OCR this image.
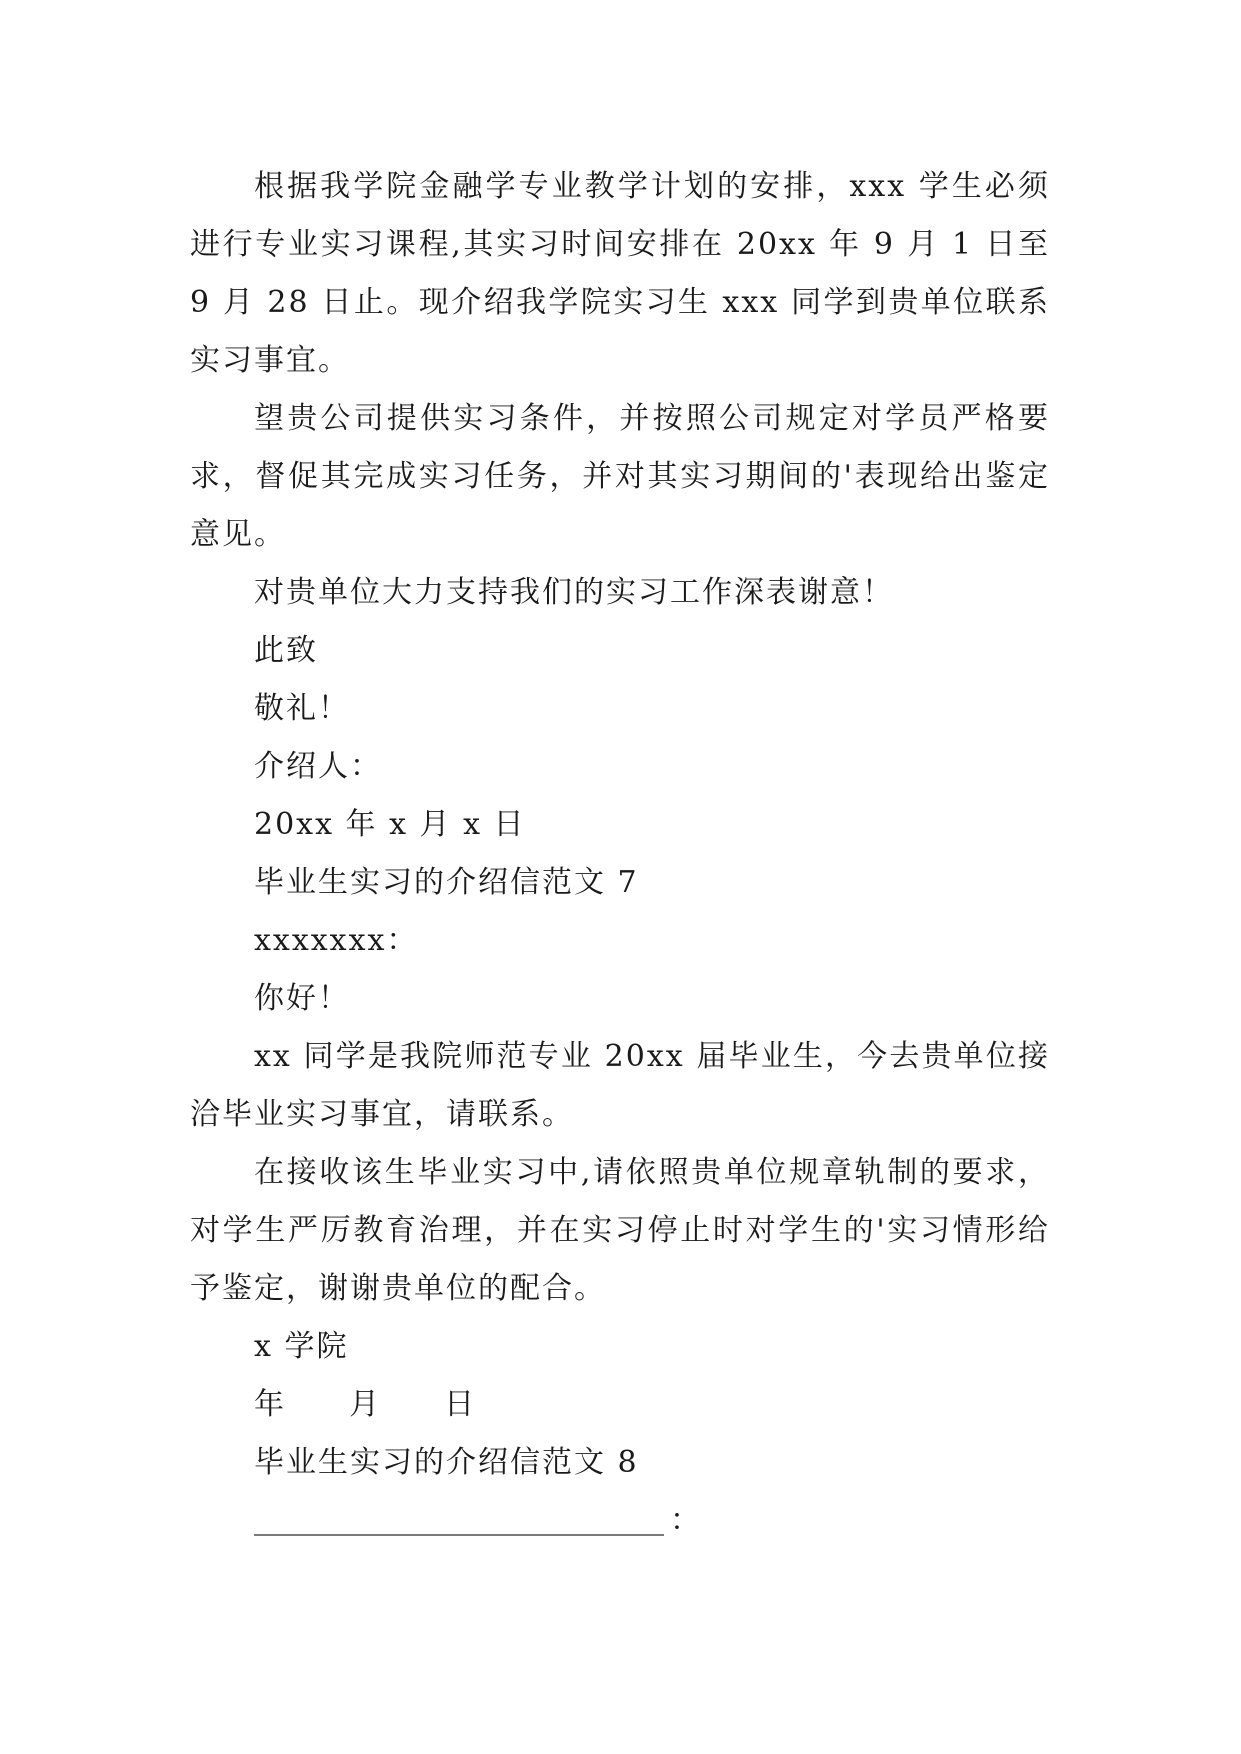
根据我学院金融学专业教学计划的安排，xxx 学生必须进行专业实习课程,其实习时间安排在 20xx 年 9 月 1 日至 9 月 28 日止。现介绍我学院实习生 xxx 同学到贵单位联系实习事宜。

望贵公司提供实习条件，并按照公司规定对学员严格要求，督促其完成实习任务，并对其实习期间的'表现给出鉴定意见。

对贵单位大力支持我们的实习工作深表谢意！

此致

敬礼！

介绍人：

20xx 年 x 月 x 日

毕业生实习的介绍信范文 7

xxxxxxx：

你好！

xx 同学是我院师范专业 20xx 届毕业生，今去贵单位接洽毕业实习事宜，请联系。

在接收该生毕业实习中,请依照贵单位规章轨制的要求，对学生严厉教育治理，并在实习停止时对学生的'实习情形给予鉴定，谢谢贵单位的配合。

x 学院

年  月  日

毕业生实习的介绍信范文 8

：
